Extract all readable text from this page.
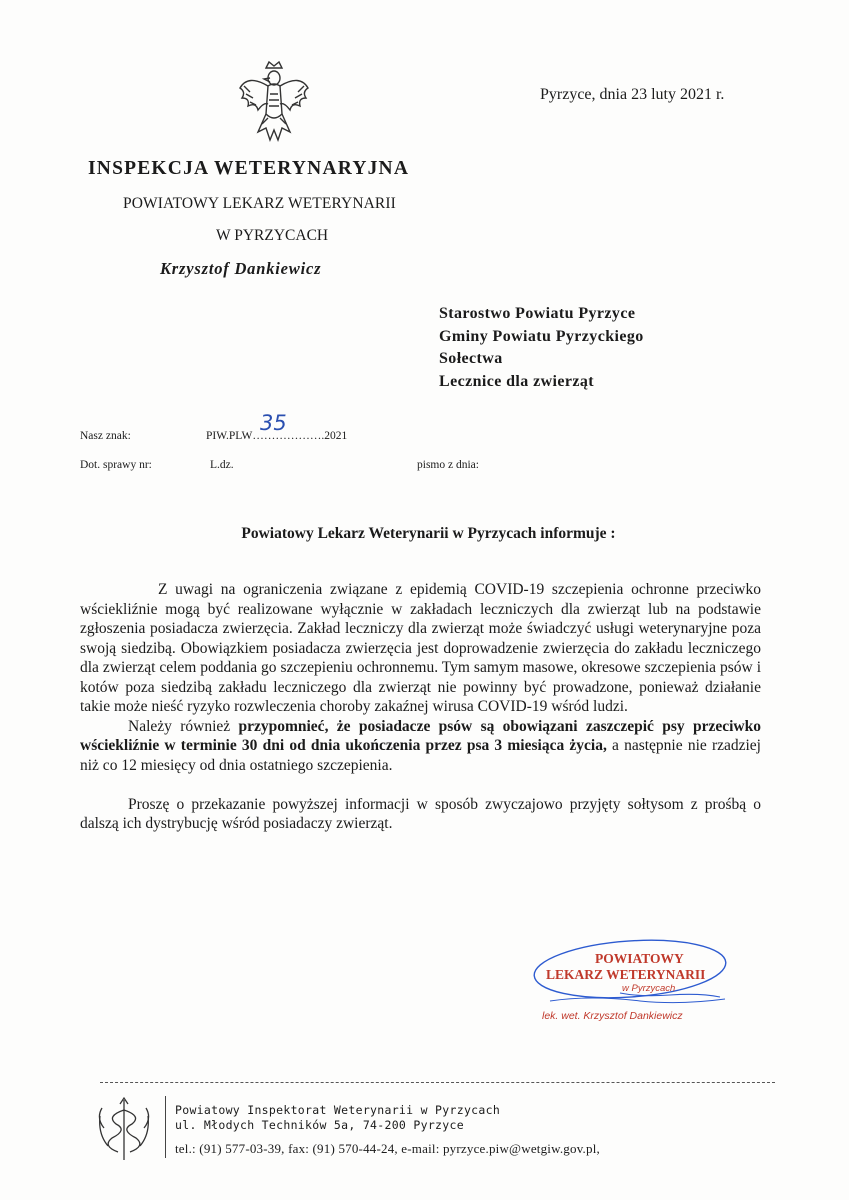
Pyrzyce, dnia 23 luty 2021 r.
INSPEKCJA WETERYNARYJNA
POWIATOWY LEKARZ WETERYNARII
W PYRZYCACH
Krzysztof Dankiewicz
Starostwo Powiatu Pyrzyce
Gminy Powiatu Pyrzyckiego
Sołectwa
Lecznice dla zwierząt
Nasz znak:	PIW.PLW……………….2021
35
Dot. sprawy nr:	L.dz.	pismo z dnia:
Powiatowy Lekarz Weterynarii w Pyrzycach informuje :

Z uwagi na ograniczenia związane z epidemią COVID-19 szczepienia ochronne przeciwko wściekliźnie mogą być realizowane wyłącznie w zakładach leczniczych dla zwierząt lub na podstawie zgłoszenia posiadacza zwierzęcia. Zakład leczniczy dla zwierząt może świadczyć usługi weterynaryjne poza swoją siedzibą. Obowiązkiem posiadacza zwierzęcia jest doprowadzenie zwierzęcia do zakładu leczniczego dla zwierząt celem poddania go szczepieniu ochronnemu. Tym samym masowe, okresowe szczepienia psów i kotów poza siedzibą zakładu leczniczego dla zwierząt nie powinny być prowadzone, ponieważ działanie takie może nieść ryzyko rozwleczenia choroby zakaźnej wirusa COVID-19 wśród ludzi.

Należy również przypomnieć, że posiadacze psów są obowiązani zaszczepić psy przeciwko wściekliźnie w terminie 30 dni od dnia ukończenia przez psa 3 miesiąca życia, a następnie nie rzadziej niż co 12 miesięcy od dnia ostatniego szczepienia.

Proszę o przekazanie powyższej informacji w sposób zwyczajowo przyjęty sołtysom z prośbą o dalszą ich dystrybucję wśród posiadaczy zwierząt.

POWIATOWY
LEKARZ WETERYNARII
w Pyrzycach
lek. wet. Krzysztof Dankiewicz
Powiatowy Inspektorat Weterynarii w Pyrzycach
ul. Młodych Techników 5a, 74-200 Pyrzyce
tel.: (91) 577-03-39, fax: (91) 570-44-24, e-mail: pyrzyce.piw@wetgiw.gov.pl,
